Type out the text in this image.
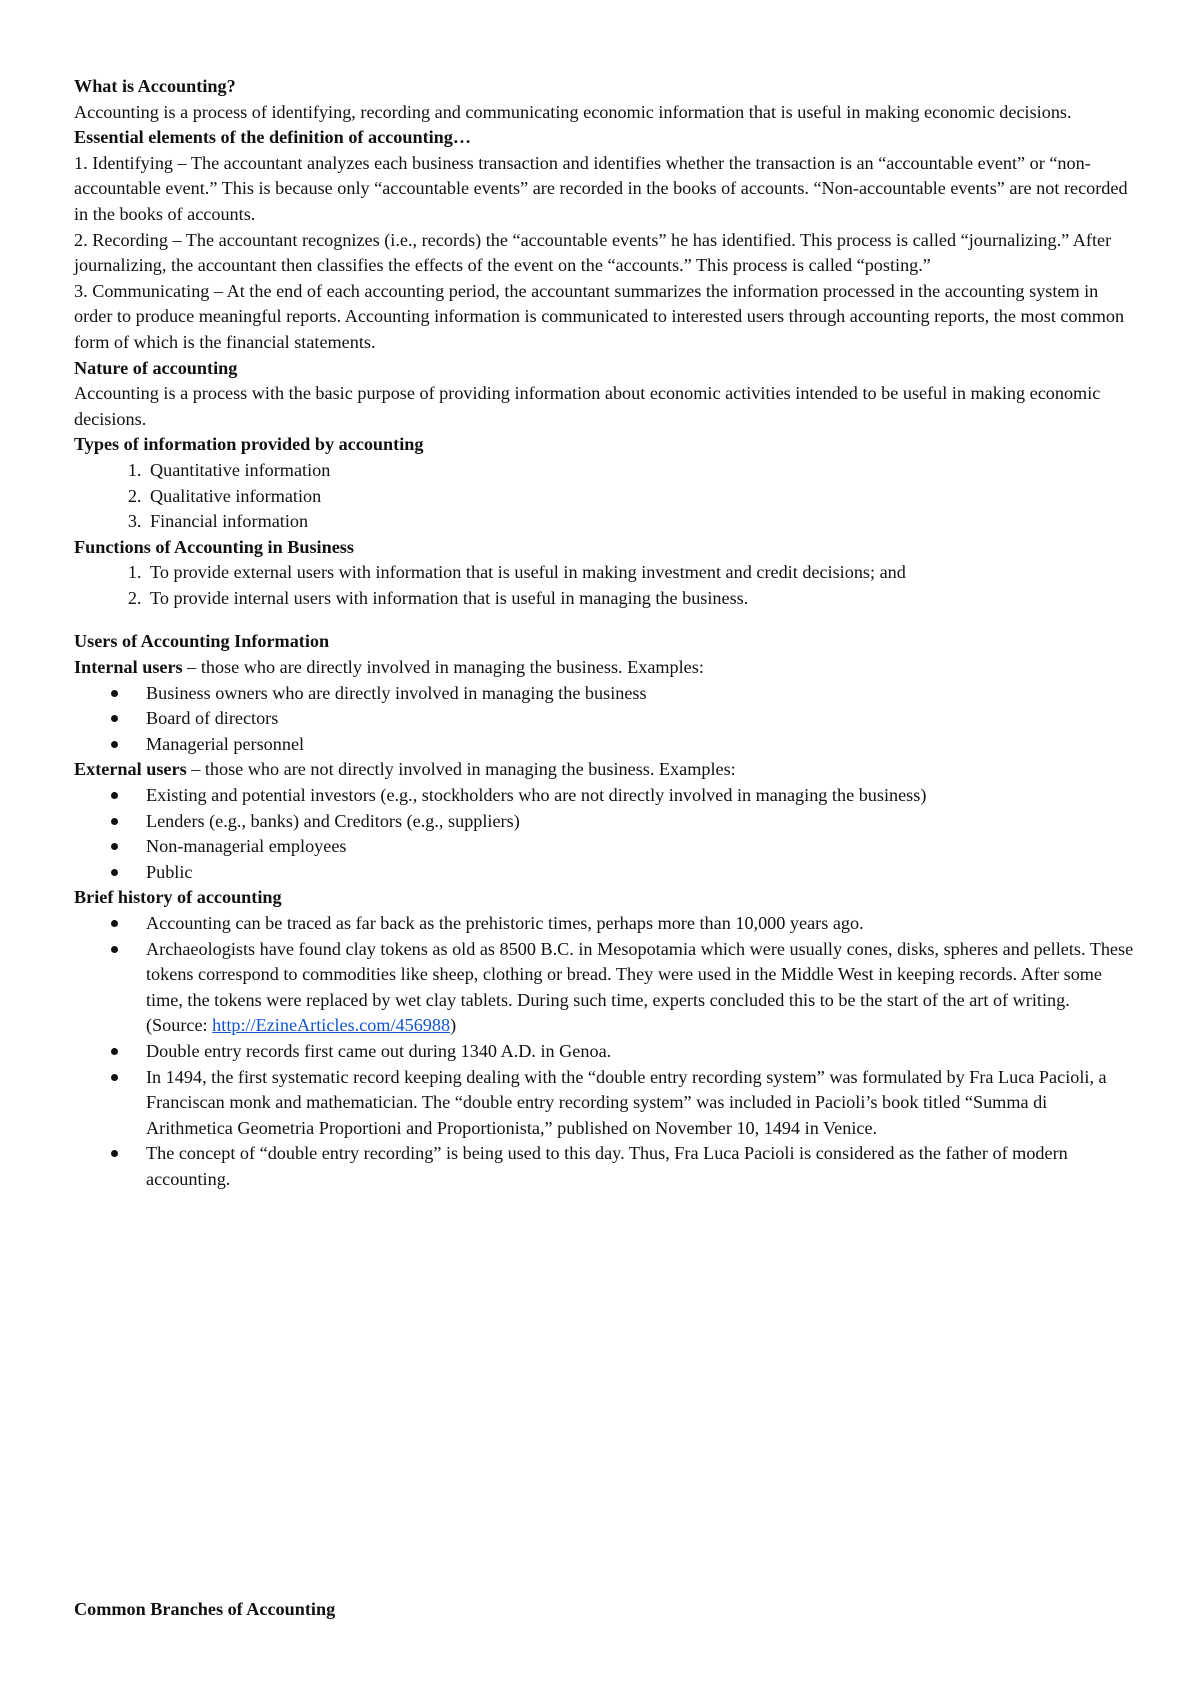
What is Accounting?

Accounting is a process of identifying, recording and communicating economic information that is useful in making economic decisions.

Essential elements of the definition of accounting…

1. Identifying – The accountant analyzes each business transaction and identifies whether the transaction is an “accountable event” or “non-accountable event.” This is because only “accountable events” are recorded in the books of accounts. “Non-accountable events” are not recorded in the books of accounts.

2. Recording – The accountant recognizes (i.e., records) the “accountable events” he has identified. This process is called “journalizing.” After journalizing, the accountant then classifies the effects of the event on the “accounts.” This process is called “posting.”

3. Communicating – At the end of each accounting period, the accountant summarizes the information processed in the accounting system in order to produce meaningful reports. Accounting information is communicated to interested users through accounting reports, the most common form of which is the financial statements.

Nature of accounting

Accounting is a process with the basic purpose of providing information about economic activities intended to be useful in making economic decisions.

Types of information provided by accounting

1. Quantitative information
2. Qualitative information
3. Financial information

Functions of Accounting in Business

1. To provide external users with information that is useful in making investment and credit decisions; and
2. To provide internal users with information that is useful in managing the business.

Users of Accounting Information

Internal users – those who are directly involved in managing the business. Examples:

Business owners who are directly involved in managing the business
Board of directors
Managerial personnel

External users – those who are not directly involved in managing the business. Examples:

Existing and potential investors (e.g., stockholders who are not directly involved in managing the business)
Lenders (e.g., banks) and Creditors (e.g., suppliers)
Non-managerial employees
Public

Brief history of accounting

Accounting can be traced as far back as the prehistoric times, perhaps more than 10,000 years ago.
Archaeologists have found clay tokens as old as 8500 B.C. in Mesopotamia which were usually cones, disks, spheres and pellets. These tokens correspond to commodities like sheep, clothing or bread. They were used in the Middle West in keeping records. After some time, the tokens were replaced by wet clay tablets. During such time, experts concluded this to be the start of the art of writing. (Source: http://EzineArticles.com/456988)
Double entry records first came out during 1340 A.D. in Genoa.
In 1494, the first systematic record keeping dealing with the “double entry recording system” was formulated by Fra Luca Pacioli, a Franciscan monk and mathematician. The “double entry recording system” was included in Pacioli’s book titled “Summa di Arithmetica Geometria Proportioni and Proportionista,” published on November 10, 1494 in Venice.
The concept of “double entry recording” is being used to this day. Thus, Fra Luca Pacioli is considered as the father of modern accounting.

Common Branches of Accounting
